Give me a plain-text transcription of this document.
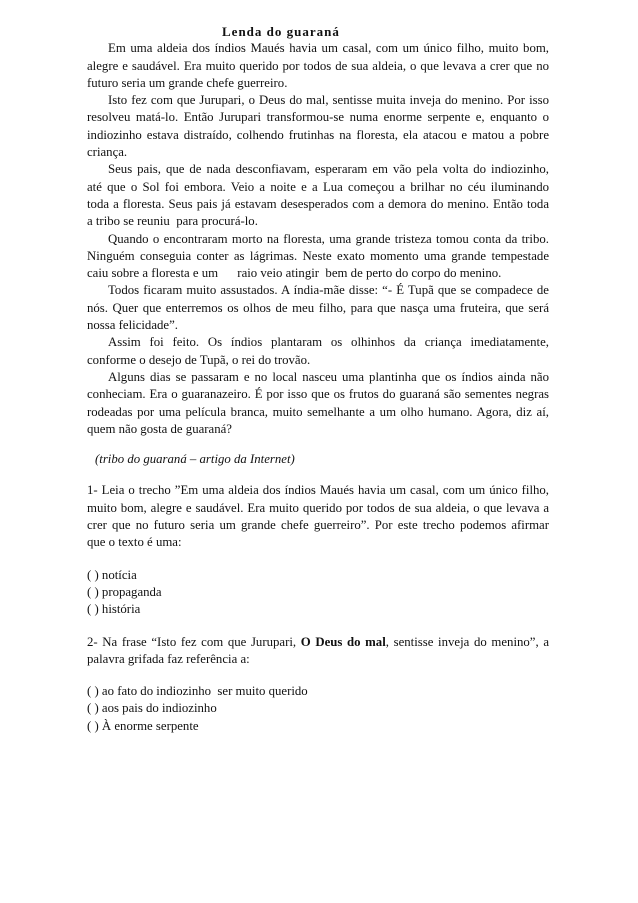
Lenda do guaraná
Em uma aldeia dos índios Maués havia um casal, com um único filho, muito bom,
alegre e saudável. Era muito querido por todos de sua aldeia, o que levava a crer que no
futuro seria um grande chefe guerreiro.
Isto fez com que Jurupari, o Deus do mal, sentisse muita inveja do menino. Por isso
resolveu matá-lo. Então Jurupari transformou-se numa enorme serpente e, enquanto o
indiozinho estava distraído, colhendo frutinhas na floresta, ela atacou e matou a pobre
criança.
Seus pais, que de nada desconfiavam, esperaram em vão pela volta do indiozinho,
até que o Sol foi embora. Veio a noite e a Lua começou a brilhar no céu iluminando
toda a floresta. Seus pais já estavam desesperados com a demora do menino. Então toda
a tribo se reuniu  para procurá-lo.
Quando o encontraram morto na floresta, uma grande tristeza tomou conta da tribo.
Ninguém conseguia conter as lágrimas. Neste exato momento uma grande tempestade
caiu sobre a floresta e um      raio veio atingir  bem de perto do corpo do menino.
Todos ficaram muito assustados. A índia-mãe disse: “- É Tupã que se compadece de
nós. Quer que enterremos os olhos de meu filho, para que nasça uma fruteira, que será
nossa felicidade”.
Assim foi feito. Os índios plantaram os olhinhos da criança imediatamente,
conforme o desejo de Tupã, o rei do trovão.
Alguns dias se passaram e no local nasceu uma plantinha que os índios ainda não
conheciam. Era o guaranazeiro. É por isso que os frutos do guaraná são sementes negras
rodeadas por uma película branca, muito semelhante a um olho humano. Agora, diz aí,
quem não gosta de guaraná?
(tribo do guaraná – artigo da Internet)
1- Leia o trecho ”Em uma aldeia dos índios Maués havia um casal, com um único filho,
muito bom, alegre e saudável. Era muito querido por todos de sua aldeia, o que levava a
crer que no futuro seria um grande chefe guerreiro”. Por este trecho podemos afirmar
que o texto é uma:
( ) notícia
( ) propaganda
( ) história
2- Na frase “Isto fez com que Jurupari, O Deus do mal, sentisse inveja do menino”, a
palavra grifada faz referência a:
( ) ao fato do indiozinho  ser muito querido
( ) aos pais do indiozinho
( ) À enorme serpente
